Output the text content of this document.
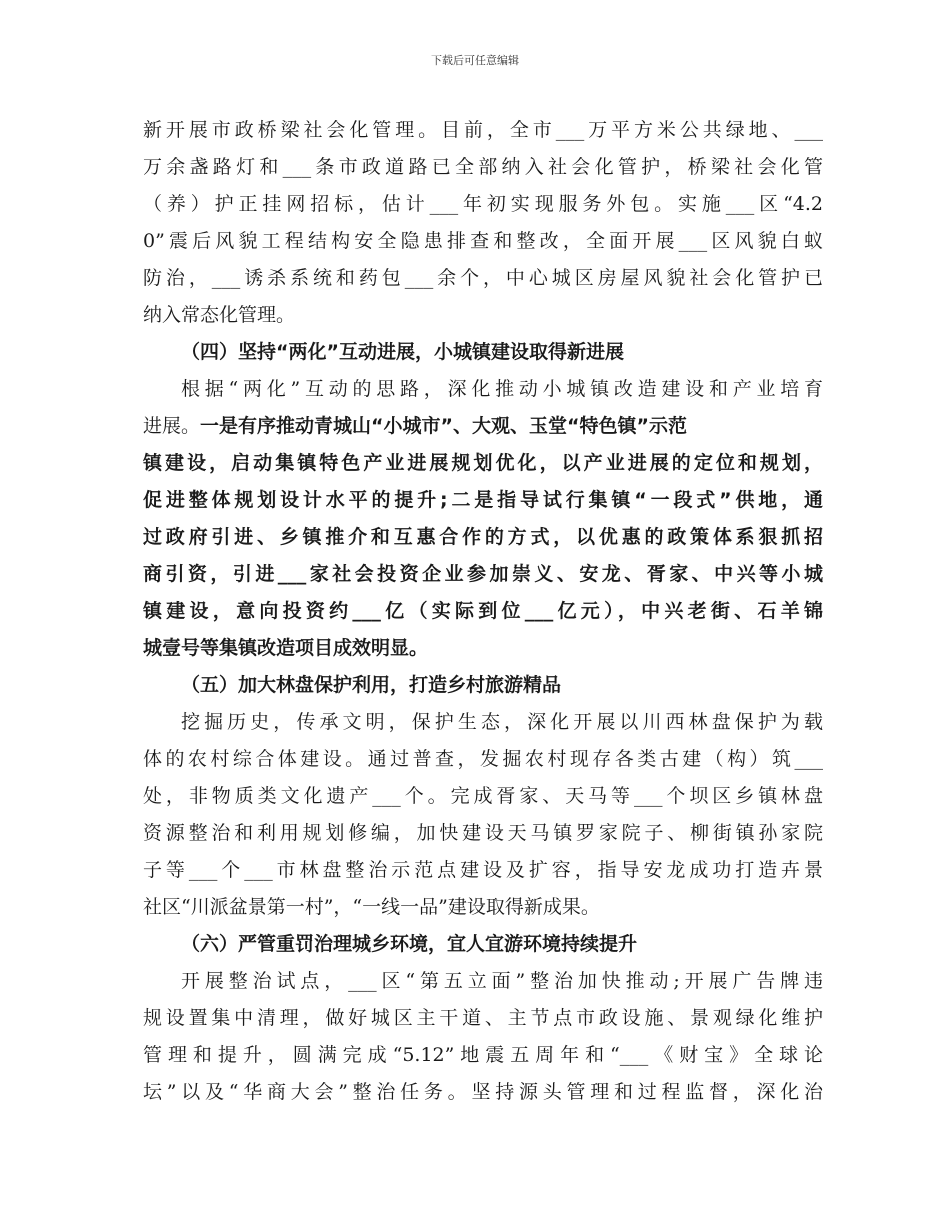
下载后可任意编辑
新开展市政桥梁社会化管理。目前，全市___万平方米公共绿地、___
万余盏路灯和___条市政道路已全部纳入社会化管护，桥梁社会化管
（养）护正挂网招标，估计___年初实现服务外包。实施___区“4.2
0”震后风貌工程结构安全隐患排查和整改，全面开展___区风貌白蚁
防治，___诱杀系统和药包___余个，中心城区房屋风貌社会化管护已
纳入常态化管理。
（四）坚持“两化”互动进展，小城镇建设取得新进展
根据“两化”互动的思路，深化推动小城镇改造建设和产业培育
进展。一是有序推动青城山“小城市”、大观、玉堂“特色镇”示范
镇建设，启动集镇特色产业进展规划优化，以产业进展的定位和规划，
促进整体规划设计水平的提升;二是指导试行集镇“一段式”供地，通
过政府引进、乡镇推介和互惠合作的方式，以优惠的政策体系狠抓招
商引资，引进___家社会投资企业参加崇义、安龙、胥家、中兴等小城
镇建设，意向投资约___亿（实际到位___亿元），中兴老街、石羊锦
城壹号等集镇改造项目成效明显。
（五）加大林盘保护利用，打造乡村旅游精品
挖掘历史，传承文明，保护生态，深化开展以川西林盘保护为载
体的农村综合体建设。通过普查，发掘农村现存各类古建（构）筑___
处，非物质类文化遗产___个。完成胥家、天马等___个坝区乡镇林盘
资源整治和利用规划修编，加快建设天马镇罗家院子、柳街镇孙家院
子等___个___市林盘整治示范点建设及扩容，指导安龙成功打造卉景
社区“川派盆景第一村”，“一线一品”建设取得新成果。
（六）严管重罚治理城乡环境，宜人宜游环境持续提升
开展整治试点，___区“第五立面”整治加快推动;开展广告牌违
规设置集中清理，做好城区主干道、主节点市政设施、景观绿化维护
管理和提升，圆满完成“5.12”地震五周年和“___《财宝》全球论
坛”以及“华商大会”整治任务。坚持源头管理和过程监督，深化治
